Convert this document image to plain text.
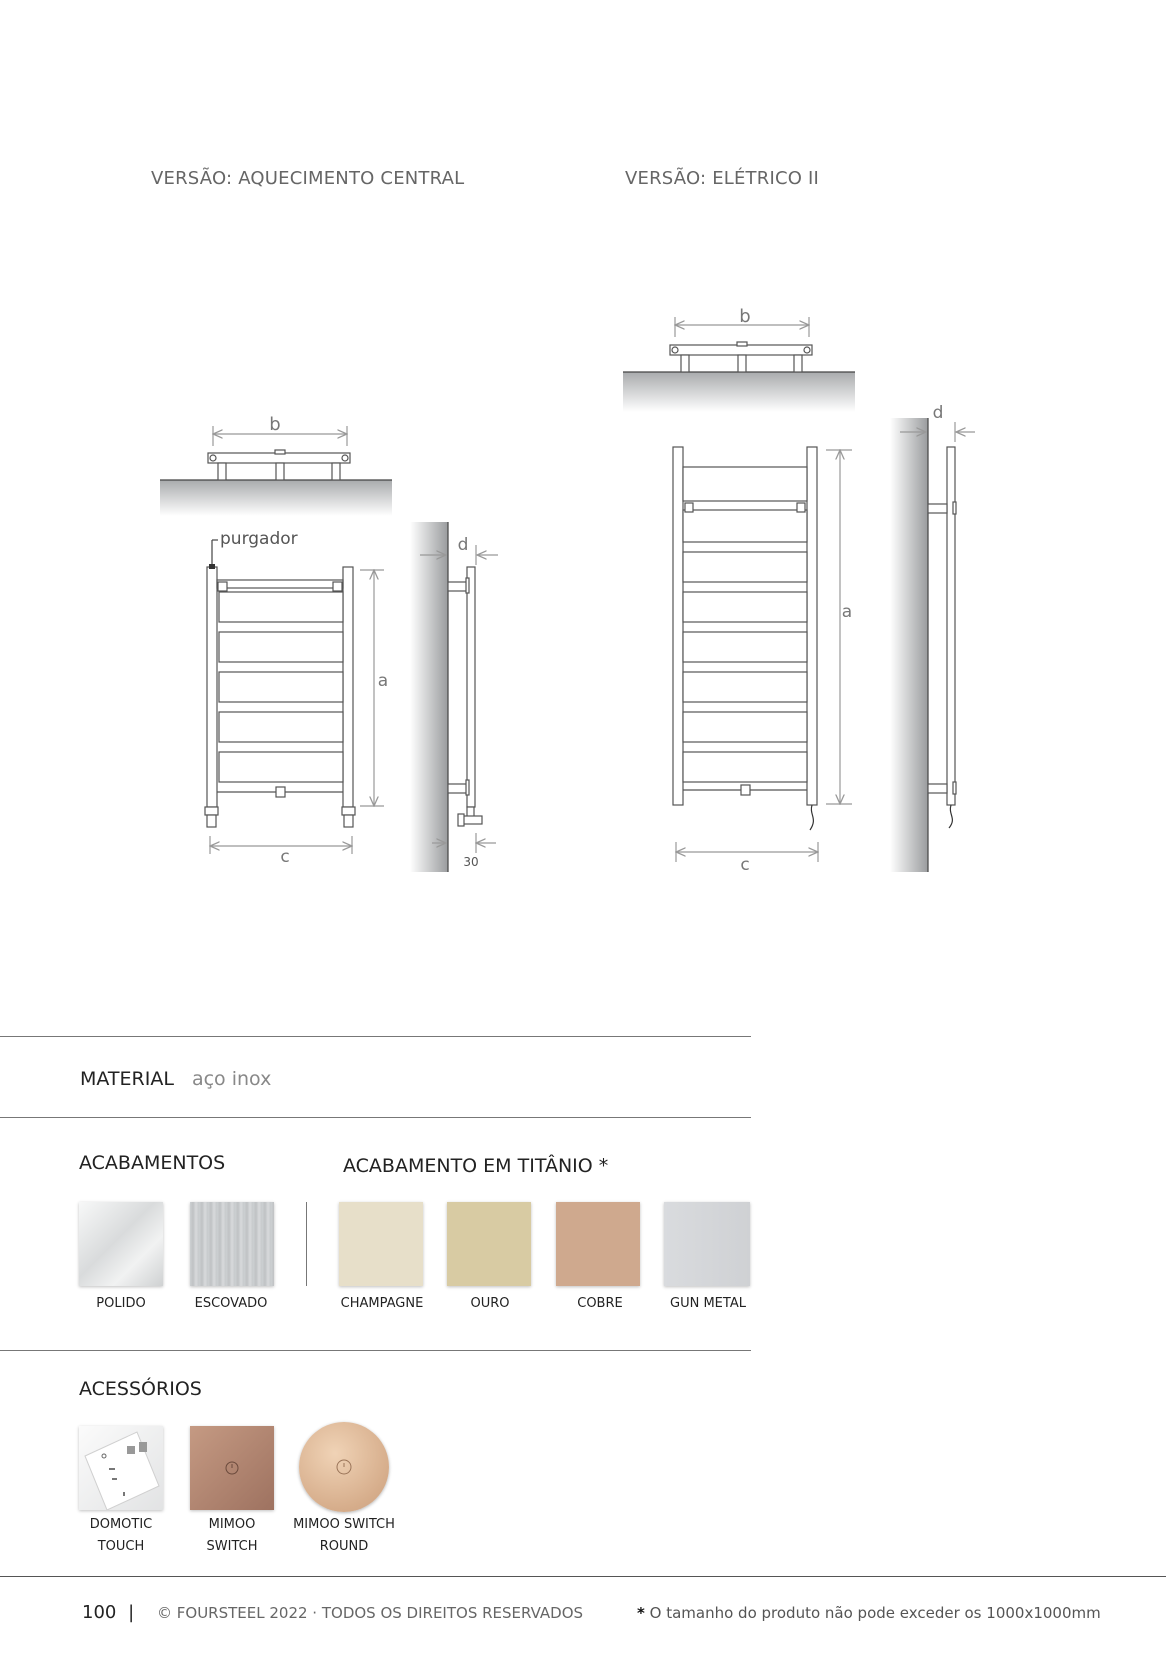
VERSÃO: AQUECIMENTO CENTRAL	VERSÃO: ELÉTRICO II
b
a
c
d
purgador
30
b
a
c
d
MATERIAL aço inox
ACABAMENTOS	ACABAMENTO EM TITÂNIO *
POLIDO	ESCOVADO	CHAMPAGNE	OURO	COBRE	GUN METAL
ACESSÓRIOS
DOMOTIC
TOUCH
MIMOO
SWITCH
MIMOO SWITCH
ROUND
100 | © FOURSTEEL 2022 · TODOS OS DIREITOS RESERVADOS	* O tamanho do produto não pode exceder os 1000x1000mm
